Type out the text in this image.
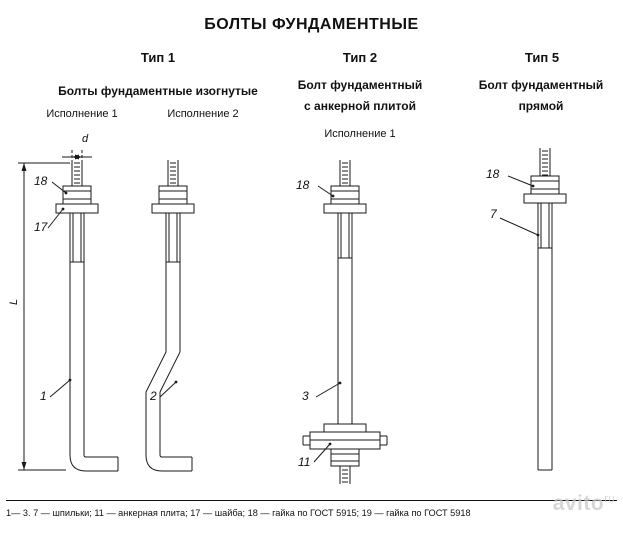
БОЛТЫ ФУНДАМЕНТНЫЕ
Тип 1
Болты фундаментные изогнутые
Исполнение 1	Исполнение 2
Тип 2
Болт фундаментный
с анкерной плитой
Исполнение 1
Тип 5
Болт фундаментный
прямой
18
17
1	2
d
L
18
3
11
18
7
1— 3. 7 — шпильки; 11 — анкерная плита; 17 — шайба; 18 — гайка по ГОСТ 5915; 19 — гайка по ГОСТ 5918	avito$^{ru}$
